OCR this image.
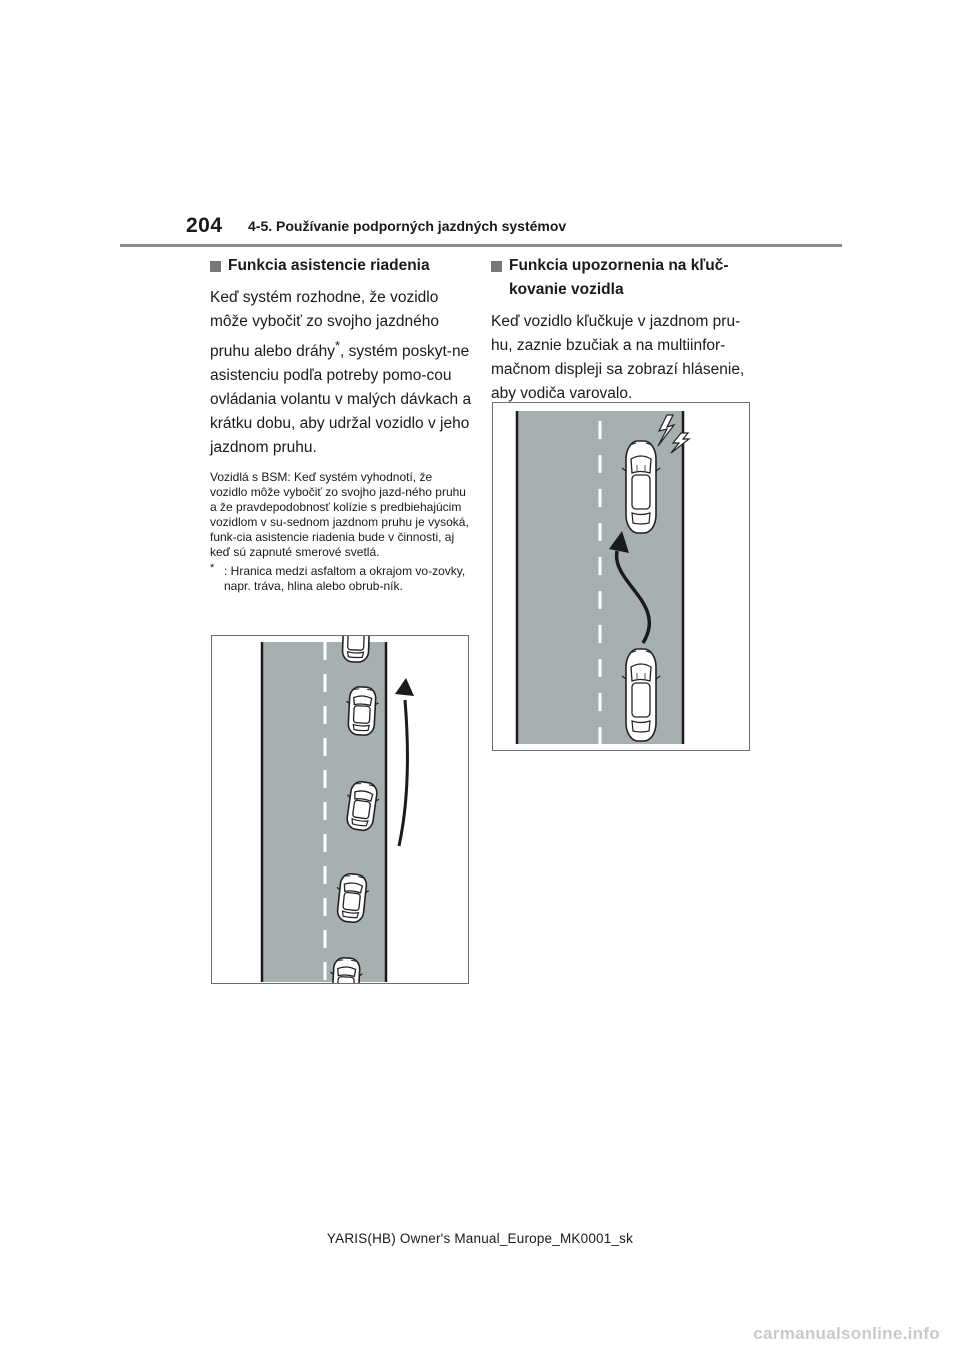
204 4-5. Používanie podporných jazdných systémov

Funkcia asistencie riadenia

Keď systém rozhodne, že vozidlo môže vybočiť zo svojho jazdného pruhu alebo dráhy*, systém poskyt-ne asistenciu podľa potreby pomo-cou ovládania volantu v malých dávkach a krátku dobu, aby udržal vozidlo v jeho jazdnom pruhu.

Vozidlá s BSM: Keď systém vyhodnotí, že vozidlo môže vybočiť zo svojho jazd-ného pruhu a že pravdepodobnosť kolízie s predbiehajúcim vozidlom v su-sednom jazdnom pruhu je vysoká, funk-cia asistencie riadenia bude v činnosti, aj keď sú zapnuté smerové svetlá.

* : Hranica medzi asfaltom a okrajom vo-zovky, napr. tráva, hlina alebo obrub-ník.

Funkcia upozornenia na kľuč-kovanie vozidla

Keď vozidlo kľučkuje v jazdnom pru-hu, zaznie bzučiak a na multiinfor-mačnom displeji sa zobrazí hlásenie, aby vodiča varovalo.

YARIS(HB) Owner's Manual_Europe_MK0001_sk
carmanualsonline.info
